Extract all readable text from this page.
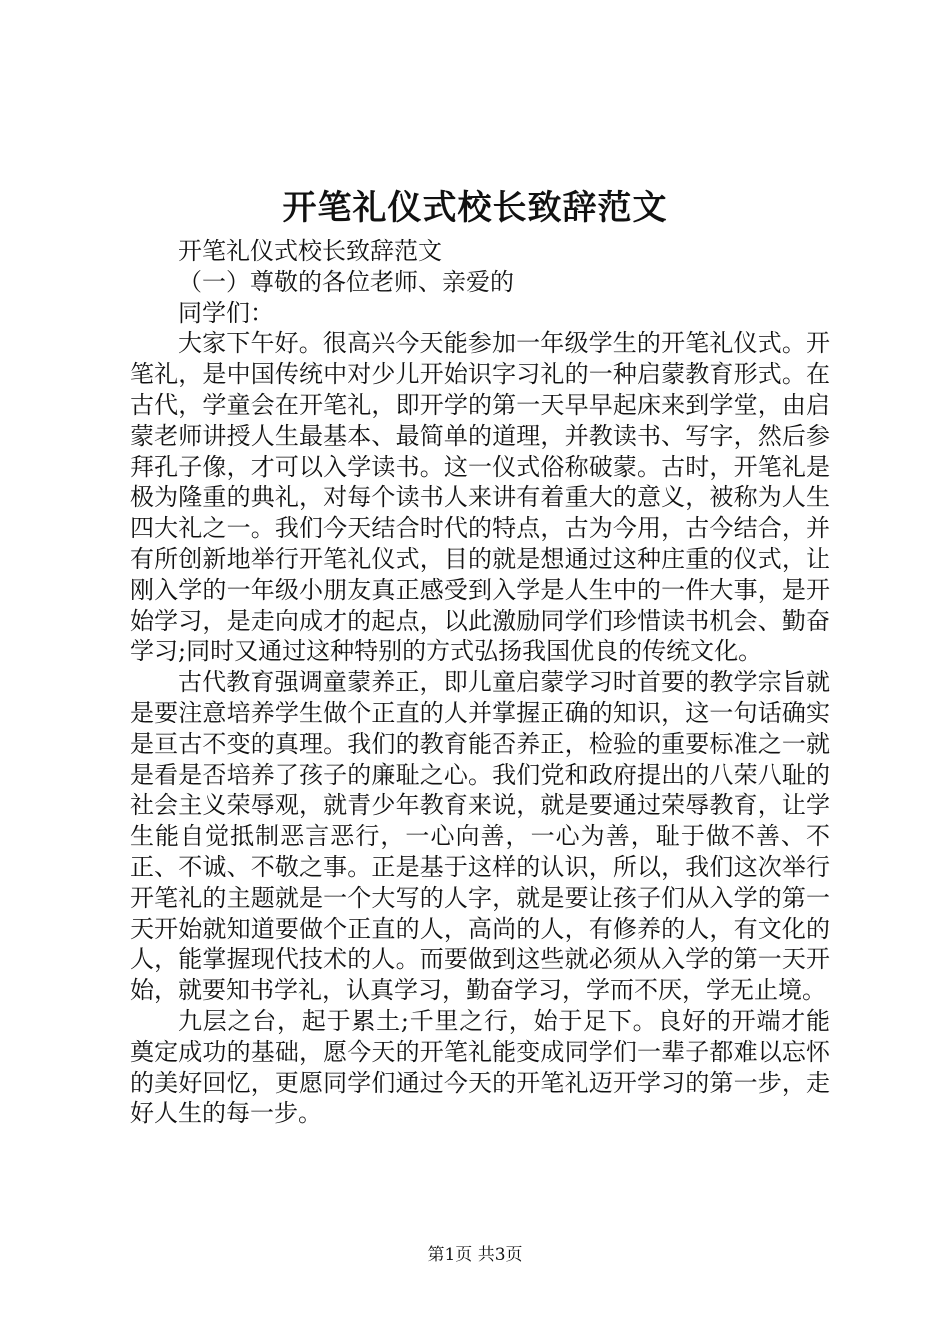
开笔礼仪式校长致辞范文

开笔礼仪式校长致辞范文

（一）尊敬的各位老师、亲爱的

同学们：

大家下午好。很高兴今天能参加一年级学生的开笔礼仪式。开笔礼，是中国传统中对少儿开始识字习礼的一种启蒙教育形式。在古代，学童会在开笔礼，即开学的第一天早早起床来到学堂，由启蒙老师讲授人生最基本、最简单的道理，并教读书、写字，然后参拜孔子像，才可以入学读书。这一仪式俗称破蒙。古时，开笔礼是极为隆重的典礼，对每个读书人来讲有着重大的意义，被称为人生四大礼之一。我们今天结合时代的特点，古为今用，古今结合，并有所创新地举行开笔礼仪式，目的就是想通过这种庄重的仪式，让刚入学的一年级小朋友真正感受到入学是人生中的一件大事，是开始学习，是走向成才的起点，以此激励同学们珍惜读书机会、勤奋学习;同时又通过这种特别的方式弘扬我国优良的传统文化。

古代教育强调童蒙养正，即儿童启蒙学习时首要的教学宗旨就是要注意培养学生做个正直的人并掌握正确的知识，这一句话确实是亘古不变的真理。我们的教育能否养正，检验的重要标准之一就是看是否培养了孩子的廉耻之心。我们党和政府提出的八荣八耻的社会主义荣辱观，就青少年教育来说，就是要通过荣辱教育，让学生能自觉抵制恶言恶行，一心向善，一心为善，耻于做不善、不正、不诚、不敬之事。正是基于这样的认识，所以，我们这次举行开笔礼的主题就是一个大写的人字，就是要让孩子们从入学的第一天开始就知道要做个正直的人，高尚的人，有修养的人，有文化的人，能掌握现代技术的人。而要做到这些就必须从入学的第一天开始，就要知书学礼，认真学习，勤奋学习，学而不厌，学无止境。

九层之台，起于累土;千里之行，始于足下。良好的开端才能奠定成功的基础，愿今天的开笔礼能变成同学们一辈子都难以忘怀的美好回忆，更愿同学们通过今天的开笔礼迈开学习的第一步，走好人生的每一步。

第1页 共3页
